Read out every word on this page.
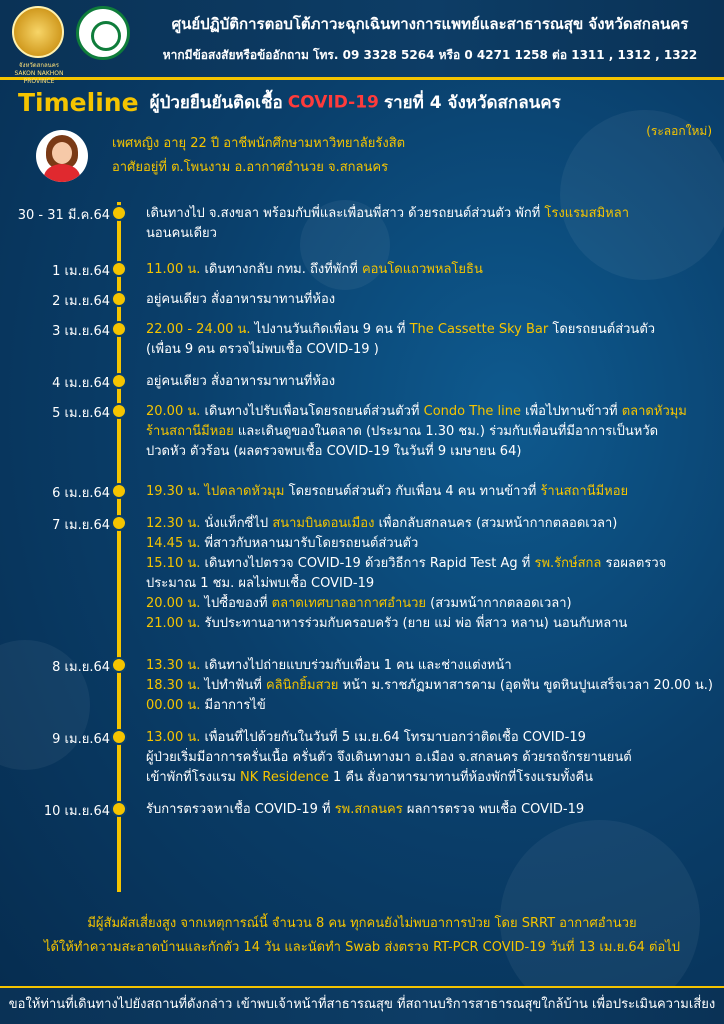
จังหวัดสกลนคร
SAKON NAKHON PROVINCE
ศูนย์ปฏิบัติการตอบโต้ภาวะฉุกเฉินทางการแพทย์และสาธารณสุข จังหวัดสกลนคร
หากมีข้อสงสัยหรือข้ออักถาม โทร. 09 3328 5264 หรือ 0 4271 1258 ต่อ 1311 , 1312 , 1322
Timeline ผู้ป่วยยืนยันติดเชื้อ COVID-19 รายที่ 4 จังหวัดสกลนคร
(ระลอกใหม่)
เพศหญิง อายุ 22 ปี อาชีพนักศึกษามหาวิทยาลัยรังสิต
อาศัยอยู่ที่ ต.โพนงาม อ.อากาศอำนวย จ.สกลนคร
30 - 31 มี.ค.64	เดินทางไป จ.สงขลา พร้อมกับพี่และเพื่อนพี่สาว ด้วยรถยนต์ส่วนตัว พักที่ โรงแรมสมิหลา
นอนคนเดียว
1 เม.ย.64	11.00 น. เดินทางกลับ กทม. ถึงที่พักที่ คอนโดแถวพหลโยธิน
2 เม.ย.64	อยู่คนเดียว สั่งอาหารมาทานที่ห้อง
3 เม.ย.64	22.00 - 24.00 น. ไปงานวันเกิดเพื่อน 9 คน ที่ The Cassette Sky Bar โดยรถยนต์ส่วนตัว
(เพื่อน 9 คน ตรวจไม่พบเชื้อ COVID-19 )
4 เม.ย.64	อยู่คนเดียว สั่งอาหารมาทานที่ห้อง
5 เม.ย.64	20.00 น. เดินทางไปรับเพื่อนโดยรถยนต์ส่วนตัวที่ Condo The line เพื่อไปทานข้าวที่ ตลาดหัวมุม
ร้านสถานีมีหอย และเดินดูของในตลาด (ประมาณ 1.30 ชม.) ร่วมกับเพื่อนที่มีอาการเป็นหวัด
ปวดหัว ตัวร้อน (ผลตรวจพบเชื้อ COVID-19 ในวันที่ 9 เมษายน 64)
6 เม.ย.64	19.30 น. ไปตลาดหัวมุม โดยรถยนต์ส่วนตัว กับเพื่อน 4 คน ทานข้าวที่ ร้านสถานีมีหอย
7 เม.ย.64	12.30 น. นั่งแท็กซี่ไป สนามบินดอนเมือง เพื่อกลับสกลนคร (สวมหน้ากากตลอดเวลา)
14.45 น. พี่สาวกับหลานมารับโดยรถยนต์ส่วนตัว
15.10 น. เดินทางไปตรวจ COVID-19 ด้วยวิธีการ Rapid Test Ag ที่ รพ.รักษ์สกล รอผลตรวจ
ประมาณ 1 ชม. ผลไม่พบเชื้อ COVID-19
20.00 น. ไปซื้อของที่ ตลาดเทศบาลอากาศอำนวย (สวมหน้ากากตลอดเวลา)
21.00 น. รับประทานอาหารร่วมกับครอบครัว (ยาย แม่ พ่อ พี่สาว หลาน) นอนกับหลาน
8 เม.ย.64	13.30 น. เดินทางไปถ่ายแบบร่วมกับเพื่อน 1 คน และช่างแต่งหน้า
18.30 น. ไปทำฟันที่ คลินิกยิ้มสวย หน้า ม.ราชภัฏมหาสารคาม (อุดฟัน ขูดหินปูนเสร็จเวลา 20.00 น.)
00.00 น. มีอาการไข้
9 เม.ย.64	13.00 น. เพื่อนที่ไปด้วยกันในวันที่ 5 เม.ย.64 โทรมาบอกว่าติดเชื้อ COVID-19
ผู้ป่วยเริ่มมีอาการครั่นเนื้อ ครั่นตัว จึงเดินทางมา อ.เมือง จ.สกลนคร ด้วยรถจักรยานยนต์
เข้าพักที่โรงแรม NK Residence 1 คืน สั่งอาหารมาทานที่ห้องพักที่โรงแรมทั้งคืน
10 เม.ย.64	รับการตรวจหาเชื้อ COVID-19 ที่ รพ.สกลนคร ผลการตรวจ พบเชื้อ COVID-19
มีผู้สัมผัสเสี่ยงสูง จากเหตุการณ์นี้ จำนวน 8 คน ทุกคนยังไม่พบอาการป่วย โดย SRRT อากาศอำนวย
ได้ให้ทำความสะอาดบ้านและกักตัว 14 วัน และนัดทำ Swab ส่งตรวจ RT-PCR COVID-19 วันที่ 13 เม.ย.64 ต่อไป
ขอให้ท่านที่เดินทางไปยังสถานที่ดังกล่าว เข้าพบเจ้าหน้าที่สาธารณสุข ที่สถานบริการสาธารณสุขใกล้บ้าน เพื่อประเมินความเสี่ยง
